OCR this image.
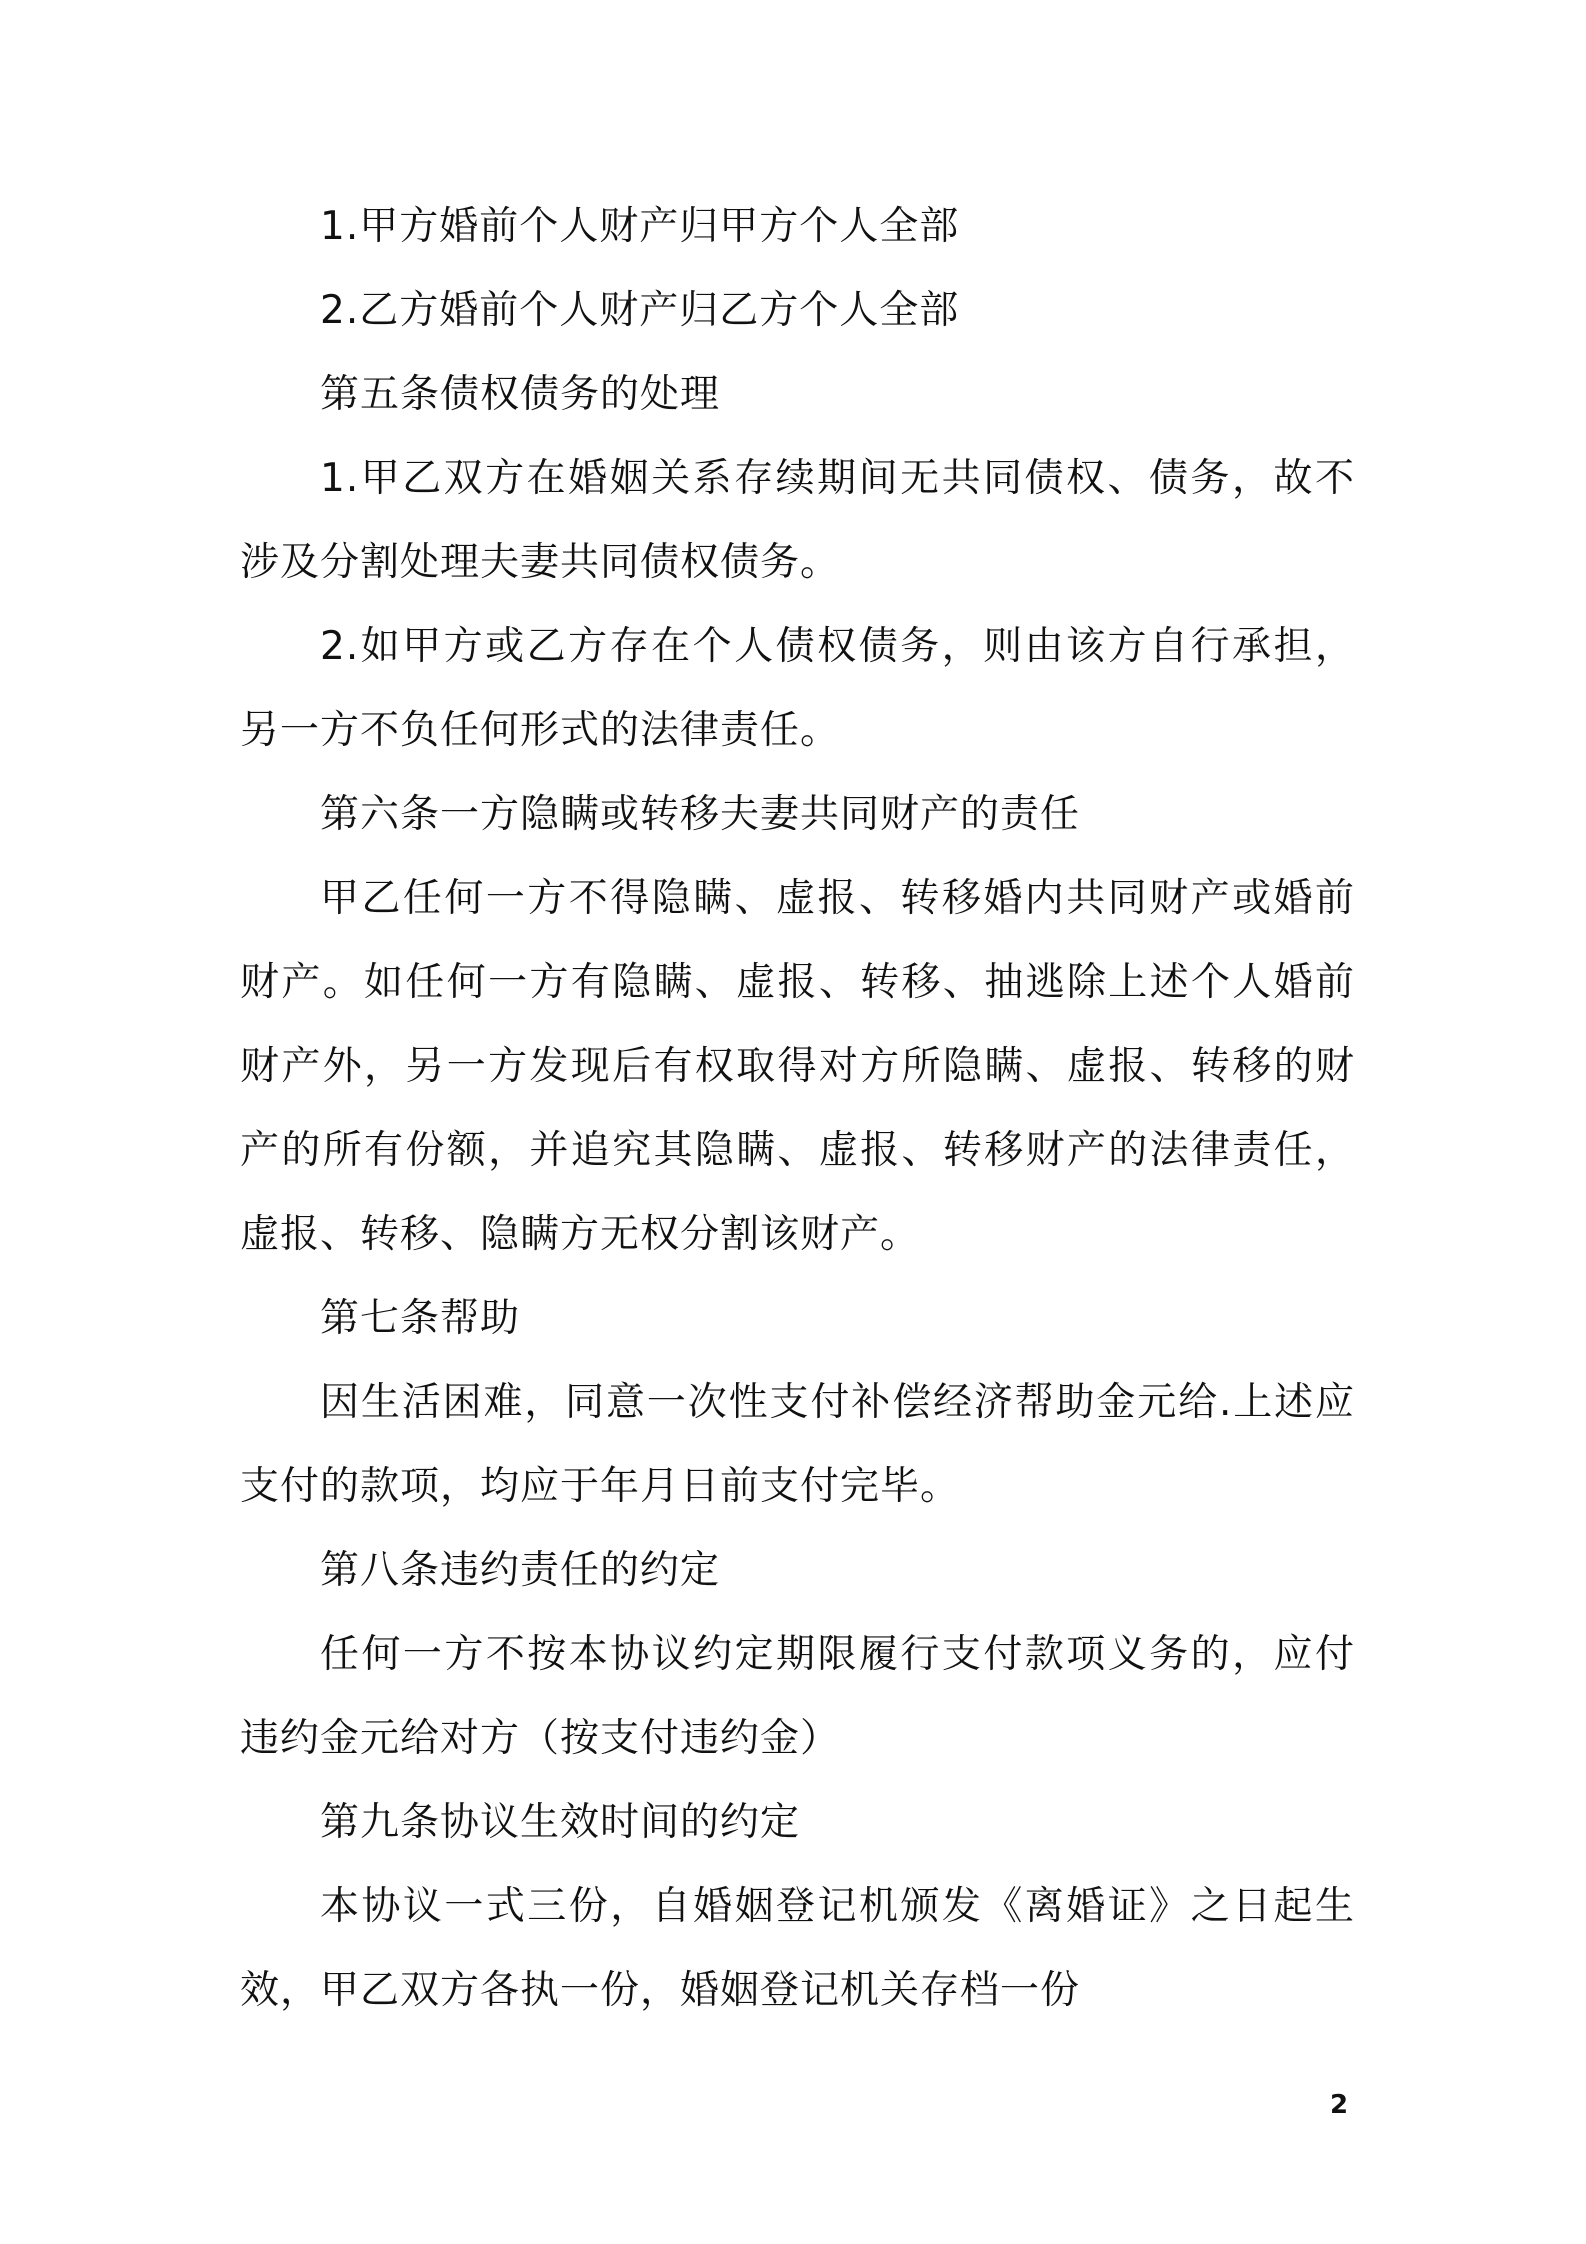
1.甲方婚前个人财产归甲方个人全部

2.乙方婚前个人财产归乙方个人全部

第五条债权债务的处理

1.甲乙双方在婚姻关系存续期间无共同债权、债务，故不涉及分割处理夫妻共同债权债务。

2.如甲方或乙方存在个人债权债务，则由该方自行承担，另一方不负任何形式的法律责任。

第六条一方隐瞒或转移夫妻共同财产的责任

甲乙任何一方不得隐瞒、虚报、转移婚内共同财产或婚前财产。如任何一方有隐瞒、虚报、转移、抽逃除上述个人婚前财产外，另一方发现后有权取得对方所隐瞒、虚报、转移的财产的所有份额，并追究其隐瞒、虚报、转移财产的法律责任，虚报、转移、隐瞒方无权分割该财产。

第七条帮助

因生活困难，同意一次性支付补偿经济帮助金元给.上述应支付的款项，均应于年月日前支付完毕。

第八条违约责任的约定

任何一方不按本协议约定期限履行支付款项义务的，应付违约金元给对方（按支付违约金）

第九条协议生效时间的约定

本协议一式三份，自婚姻登记机颁发《离婚证》之日起生效，甲乙双方各执一份，婚姻登记机关存档一份

2
